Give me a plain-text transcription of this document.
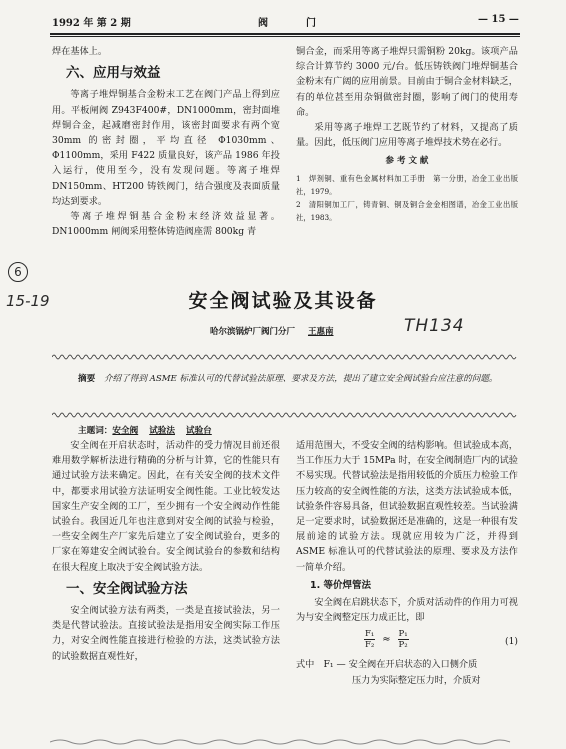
1992 年 第 2 期	阀　　　门	— 15 —

焊在基体上。

六、应用与效益

等离子堆焊铜基合金粉末工艺在阀门产品上得到应用。平板闸阀 Z943F400#，DN1000mm，密封面堆焊铜合金，起减磨密封作用，该密封面要求有两个宽 30mm 的密封圈，平均直径 Φ1030mm、Φ1100mm，采用 F422 质量良好，该产品 1986 年投入运行，使用至今，没有发现问题。等离子堆焊 DN150mm、HT200 铸铁阀门，结合强度及表面质量均达到要求。

等离子堆焊铜基合金粉末经济效益显著。DN1000mm 闸阀采用整体铸造阀座需 800kg 青

铜合金，而采用等离子堆焊只需铜粉 20kg。该项产品综合计算节约 3000 元/台。低压铸铁阀门堆焊铜基合金粉末有广阔的应用前景。目前由于铜合金材料缺乏，有的单位甚至用杂铜做密封圈，影响了阀门的使用寿命。

采用等离子堆焊工艺既节约了材料，又提高了质量。因此，低压阀门应用等离子堆焊技术势在必行。

参 考 文 献
1　焊剂铜、重有色金属材料加工手册　第一分册，冶金工业出版社，1979。
2　清阳铜加工厂，铸青铜、铜及铜合金金相图谱，冶金工业出版社，1983。
6
15-19
TH134
安全阀试验及其设备
哈尔滨锅炉厂阀门分厂 王惠南
摘要 介绍了得到 ASME 标准认可的代替试验法原理、要求及方法，提出了建立安全阀试验台应注意的问题。
主题词：安全阀 试验法 试验台

安全阀在开启状态时，活动件的受力情况目前还很难用数学解析法进行精确的分析与计算，它的性能只有通过试验方法来确定。因此，在有关安全阀的技术文件中，都要求用试验方法证明安全阀性能。工业比较发达国家生产安全阀的工厂，至少拥有一个安全阀动作性能试验台。我国近几年也注意到对安全阀的试验与检验，一些安全阀生产厂家先后建立了安全阀试验台，更多的厂家在筹建安全阀试验台。安全阀试验台的参数和结构在很大程度上取决于安全阀试验方法。

一、安全阀试验方法

安全阀试验方法有两类，一类是直接试验法，另一类是代替试验法。直接试验法是指用安全阀实际工作压力，对安全阀性能直接进行检验的方法，这类试验方法的试验数据直观性好，

适用范围大，不受安全阀的结构影响。但试验成本高，当工作压力大于 15MPa 时，在安全阀制造厂内的试验不易实现。代替试验法是指用较低的介质压力检验工作压力较高的安全阀性能的方法，这类方法试验成本低，试验条件容易具备，但试验数据直观性较差。当试验满足一定要求时，试验数据还是准确的，这是一种很有发展前途的试验方法。现就应用较为广泛，并得到 ASME 标准认可的代替试验法的原理、要求及方法作一简单介绍。

1. 等价焊管法

安全阀在启跳状态下，介质对活动件的作用力可视为与安全阀整定压力成正比，即

$\frac{\text{F₁}}{\text{F₂}} \approx \frac{\text{P₁}}{\text{P₂}}$	(1)

式中　F₁ — 安全阀在开启状态的入口侧介质

压力为实际整定压力时，介质对
